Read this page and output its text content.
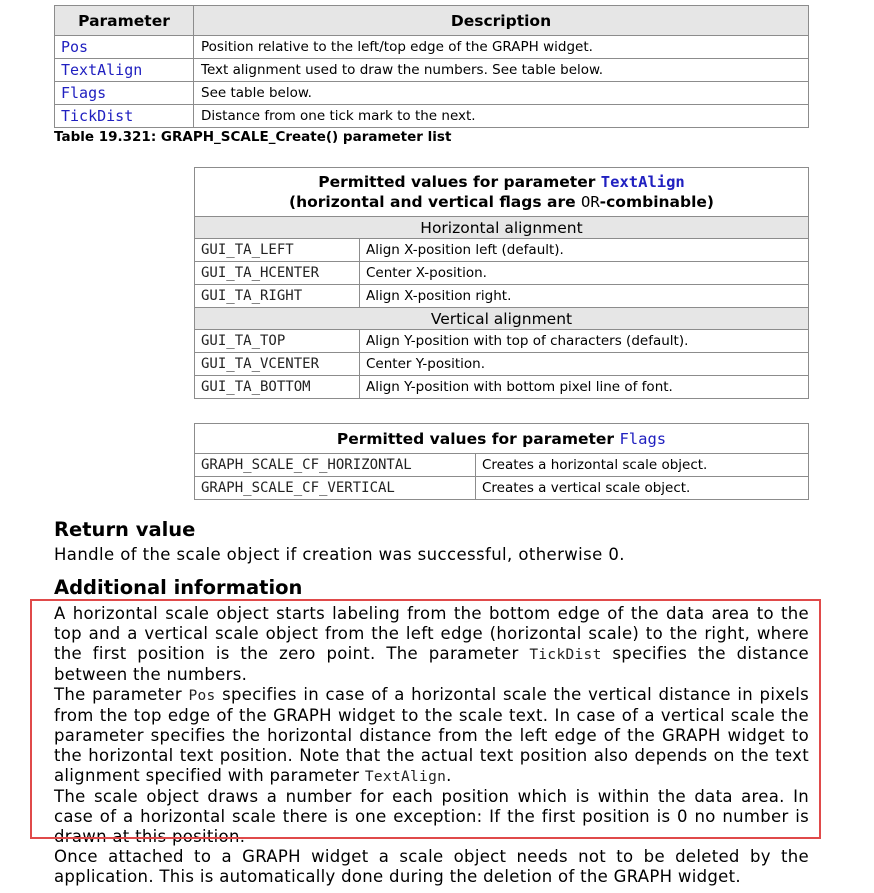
Parameter	Description
Pos	Position relative to the left/top edge of the GRAPH widget.
TextAlign	Text alignment used to draw the numbers. See table below.
Flags	See table below.
TickDist	Distance from one tick mark to the next.
Table 19.321: GRAPH_SCALE_Create() parameter list
Permitted values for parameter TextAlign
(horizontal and vertical flags are OR-combinable)	
Horizontal alignment	
GUI_TA_LEFT	Align X-position left (default).
GUI_TA_HCENTER	Center X-position.
GUI_TA_RIGHT	Align X-position right.
Vertical alignment	
GUI_TA_TOP	Align Y-position with top of characters (default).
GUI_TA_VCENTER	Center Y-position.
GUI_TA_BOTTOM	Align Y-position with bottom pixel line of font.
Permitted values for parameter Flags	
GRAPH_SCALE_CF_HORIZONTAL	Creates a horizontal scale object.
GRAPH_SCALE_CF_VERTICAL	Creates a vertical scale object.
Return value
Handle of the scale object if creation was successful, otherwise 0.
Additional information

A horizontal scale object starts labeling from the bottom edge of the data area to the top and a vertical scale object from the left edge (horizontal scale) to the right, where the first position is the zero point. The parameter TickDist specifies the distance between the numbers.

The parameter Pos specifies in case of a horizontal scale the vertical distance in pixels from the top edge of the GRAPH widget to the scale text. In case of a vertical scale the parameter specifies the horizontal distance from the left edge of the GRAPH widget to the horizontal text position. Note that the actual text position also depends on the text alignment specified with parameter TextAlign.

The scale object draws a number for each position which is within the data area. In case of a horizontal scale there is one exception: If the first position is 0 no number is drawn at this position.

Once attached to a GRAPH widget a scale object needs not to be deleted by the application. This is automatically done during the deletion of the GRAPH widget.
